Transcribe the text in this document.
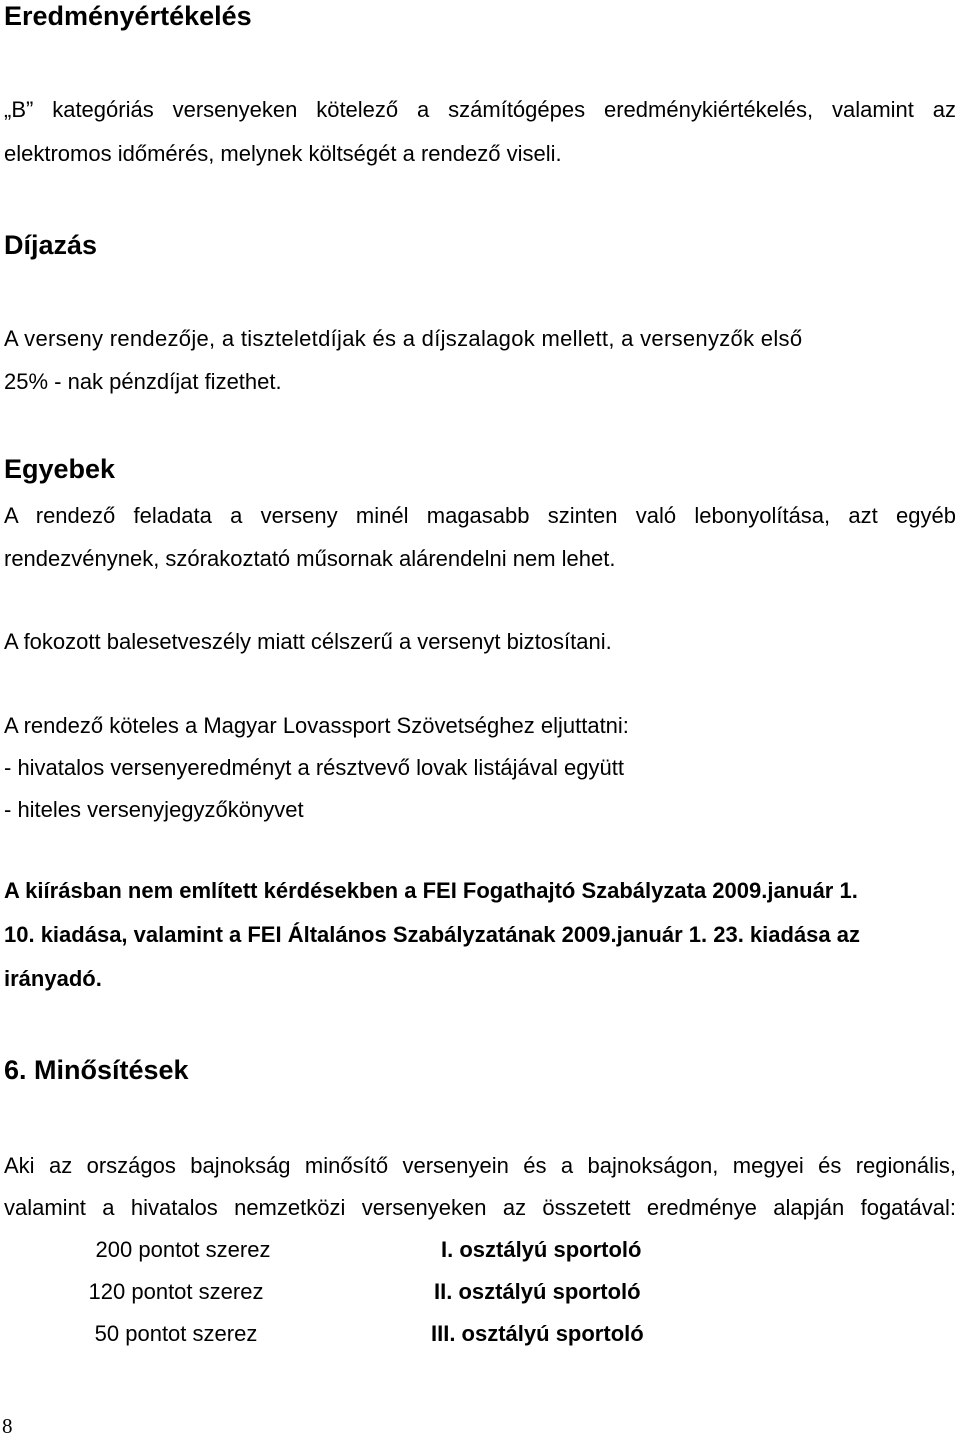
Eredményértékelés
„B” kategóriás versenyeken kötelező a számítógépes eredménykiértékelés, valamint az
elektromos időmérés, melynek költségét a rendező viseli.
Díjazás
A verseny rendezője, a tiszteletdíjak és a díjszalagok mellett, a versenyzők első
25% - nak pénzdíjat fizethet.
Egyebek
A rendező feladata a verseny minél magasabb szinten való lebonyolítása, azt egyéb
rendezvénynek, szórakoztató műsornak alárendelni nem lehet.
A fokozott balesetveszély miatt célszerű a versenyt biztosítani.
A rendező köteles a Magyar Lovassport Szövetséghez eljuttatni:
- hivatalos versenyeredményt a résztvevő lovak listájával együtt
- hiteles versenyjegyzőkönyvet
A kiírásban nem említett kérdésekben a FEI Fogathajtó Szabályzata 2009.január 1.
10. kiadása, valamint a FEI Általános Szabályzatának 2009.január 1. 23. kiadása az
irányadó.
6. Minősítések
Aki az országos bajnokság minősítő versenyein és a bajnokságon, megyei és regionális,
valamint a hivatalos nemzetközi versenyeken az összetett eredménye alapján fogatával:
200 pontot szerez	I. osztályú sportoló
120 pontot szerez	II. osztályú sportoló
50 pontot szerez	III. osztályú sportoló
8
